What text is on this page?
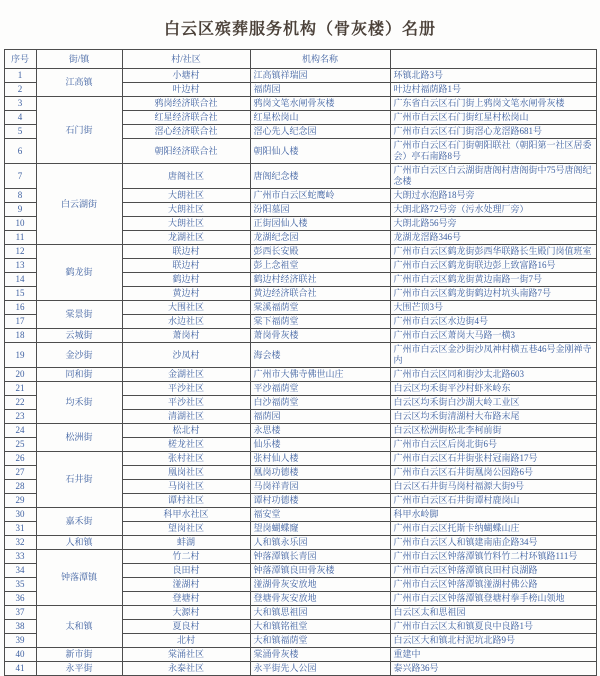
白云区殡葬服务机构（骨灰楼）名册
序号	街/镇	村/社区	机构名称	
1	江高镇	小塘村	江高镇祥瑞园	环镇北路3号
2		叶边村	福荫园	叶边村福荫路1号
3	石门街	鸦岗经济联合社	鸦岗文笔水闸骨灰楼	广东省白云区石门街上鸦岗文笔水闸骨灰楼
4		红星经济联合社	红星松岗山	广州市白云区石门街红星村松岗山
5		滘心经济联合社	滘心先人纪念园	广州市白云区石门街滘心龙滘路681号
6		朝阳经济联合社	朝阳仙人楼	广州市白云区石门街朝阳联社（朝阳第一社区居委会）亭石南路8号
7	白云湖街	唐阁社区	唐阁纪念楼	广州市白云区白云湖街唐阁村唐阁街中75号唐阁纪念楼
8		大朗社区	广州市白云区蛇鹰岭	大朗过水泡路18号旁
9		大朗社区	汾阳墓园	大朗北路72号旁（污水处理厂旁）
10		大朗社区	正街园仙人楼	大朗北路56号旁
11		龙湖社区	龙湖纪念园	龙湖龙滘路346号
12	鹤龙街	联边村	彭西长安殿	广州市白云区鹤龙街彭西华联路长生殿门岗值班室
13		联边村	彭上念祖堂	广州市白云区鹤龙街联边彭上致富路16号
14		鹤边村	鹤边村经济联社	广州市白云区鹤龙街黄边南路一街7号
15		黄边村	黄边经济联合社	广州市白云区鹤龙街鹤边村坑头南路7号
16	棠景街	大围社区	棠溪福荫堂	大围芒顶3号
17		水边社区	棠下福荫堂	广州市白云区水边街4号
18	云城街	萧岗村	萧岗骨灰楼	广州市白云区萧岗大马路一横3
19	金沙街	沙凤村	海会楼	广州市白云区金沙街沙凤神村横五巷46号金刚禅寺内
20	同和街	金湖社区	广州市大佛寺佛世山庄	广州市白云区同和街沙太北路603
21	均禾街	平沙社区	平沙福荫堂	白云区均禾街平沙村虾米岭东
22		平沙社区	白沙福荫堂	白云区均禾街白沙湖大岭工业区
23		清湖社区	福荫园	白云区均禾街清湖村大布路末尾
24	松洲街	松北村	永思楼	白云区松洲街松北李柯前街
25		槎龙社区	仙乐楼	广州市白云区后岗北街6号
26	石井街	张村社区	张村仙人楼	广州市白云区石井街张村冠南路17号
27		凰岗社区	凰岗功德楼	广州市白云区石井街凰岗公园路6号
28		马岗社区	马岗祥青园	白云区石井街马岗村福源大街9号
29		谭村社区	谭村功德楼	广州市白云区石井街谭村鹿岗山
30	嘉禾街	科甲水社区	福安堂	科甲水岭脚
31		望岗社区	望岗蝴蝶窿	广州市白云区托斯卡纳蝴蝶山庄
32	人和镇	蚌湖	人和镇永乐园	广州市白云区人和镇建南庙企路34号
33	钟落潭镇	竹二村	钟落潭镇长青园	广州市白云区钟落潭镇竹料竹二村环镇路111号
34		良田村	钟落潭镇良田骨灰楼	广州市白云区钟落潭镇良田村良湖路
35		湴湖村	湴湖骨灰安放地	广州市白云区钟落潭镇湴湖村佛公路
36		登塘村	登塘骨灰安放地	广州市白云区钟落潭镇登塘村拳手榜山领地
37	太和镇	大源村	大和镇思祖园	白云区太和思祖园
38		夏良村	大和镇铭祖堂	广州市白云区太和镇夏良中良路1号
39		北村	大和镇福荫堂	白云区大和镇北村泥坑北路9号
40	新市街	棠涌社区	棠涌骨灰楼	重建中
41	永平街	永泰社区	永平街先人公园	泰兴路36号
